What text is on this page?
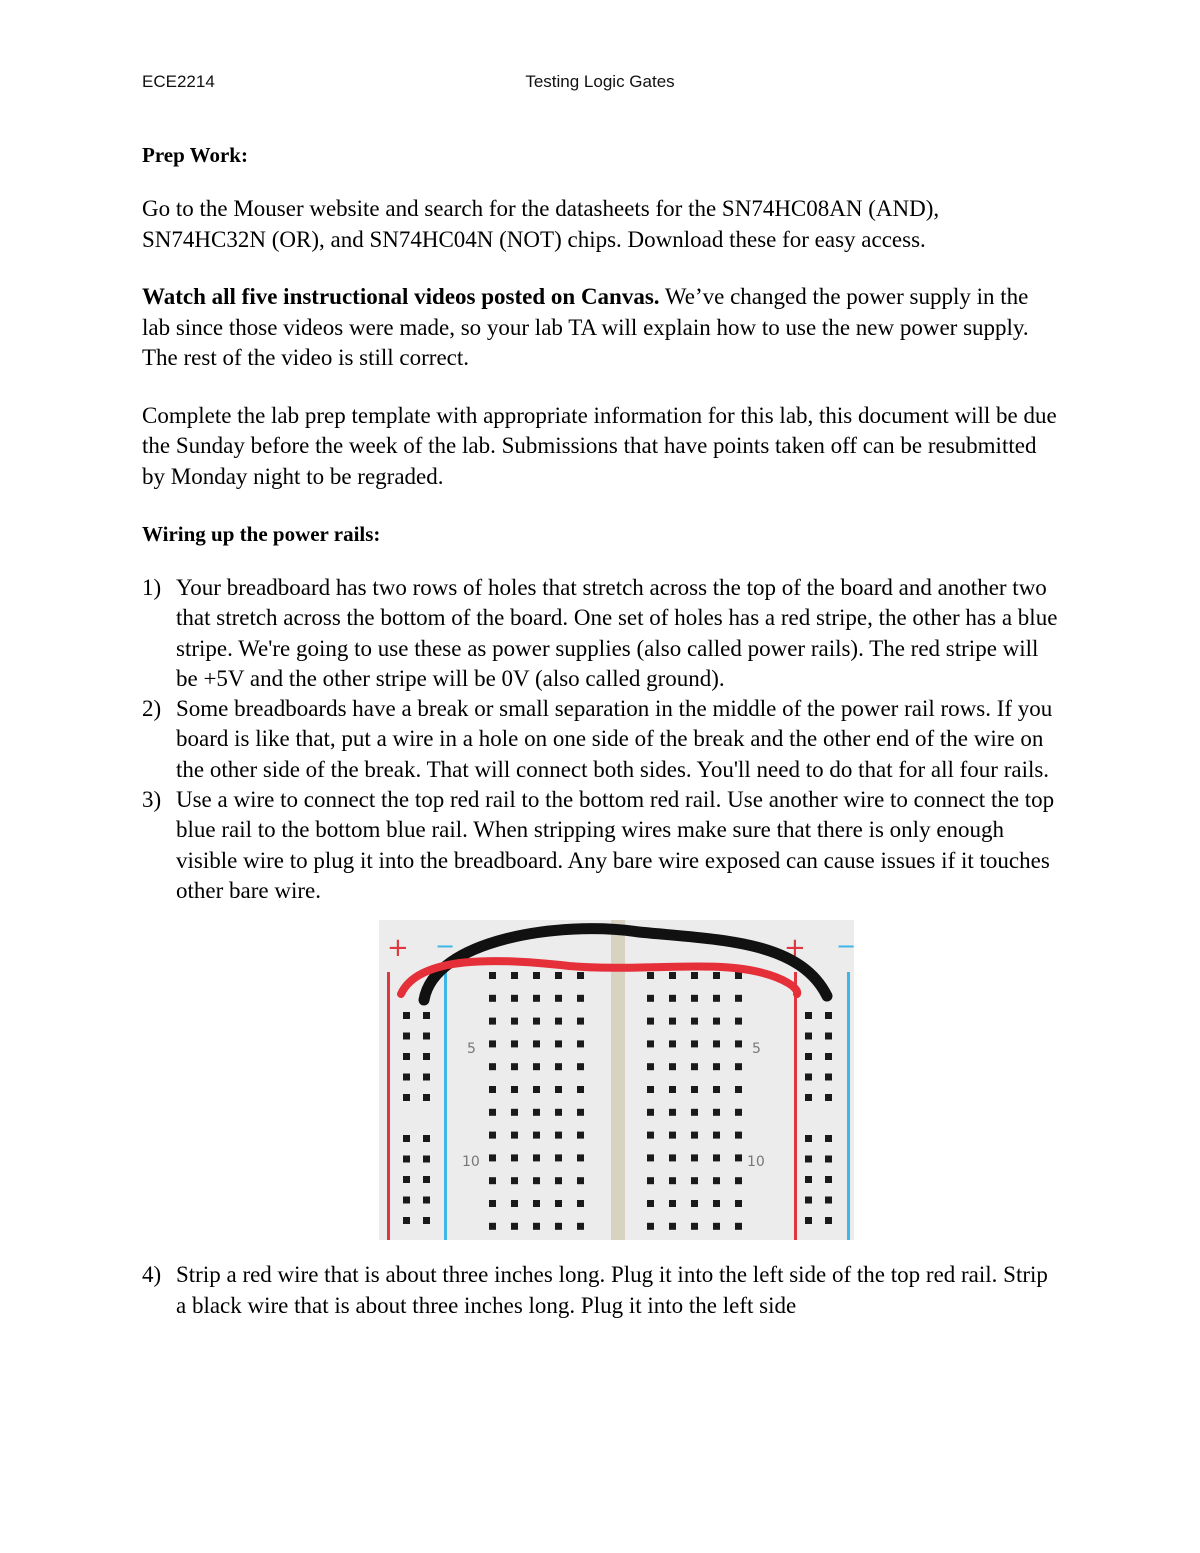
ECE2214	Testing Logic Gates
Prep Work:

Go to the Mouser website and search for the datasheets for the SN74HC08AN (AND), SN74HC32N (OR), and SN74HC04N (NOT) chips. Download these for easy access.

Watch all five instructional videos posted on Canvas. We’ve changed the power supply in the lab since those videos were made, so your lab TA will explain how to use the new power supply. The rest of the video is still correct.

Complete the lab prep template with appropriate information for this lab, this document will be due the Sunday before the week of the lab. Submissions that have points taken off can be resubmitted by Monday night to be regraded.

Wiring up the power rails:
1) Your breadboard has two rows of holes that stretch across the top of the board and another two that stretch across the bottom of the board. One set of holes has a red stripe, the other has a blue stripe. We're going to use these as power supplies (also called power rails). The red stripe will be +5V and the other stripe will be 0V (also called ground).
2) Some breadboards have a break or small separation in the middle of the power rail rows. If you board is like that, put a wire in a hole on one side of the break and the other end of the wire on the other side of the break. That will connect both sides. You'll need to do that for all four rails.
3) Use a wire to connect the top red rail to the bottom red rail. Use another wire to connect the top blue rail to the bottom blue rail. When stripping wires make sure that there is only enough visible wire to plug it into the breadboard. Any bare wire exposed can cause issues if it touches other bare wire.
+ −	+ −
5	5
10	10
4) Strip a red wire that is about three inches long. Plug it into the left side of the top red rail. Strip a black wire that is about three inches long. Plug it into the left side
